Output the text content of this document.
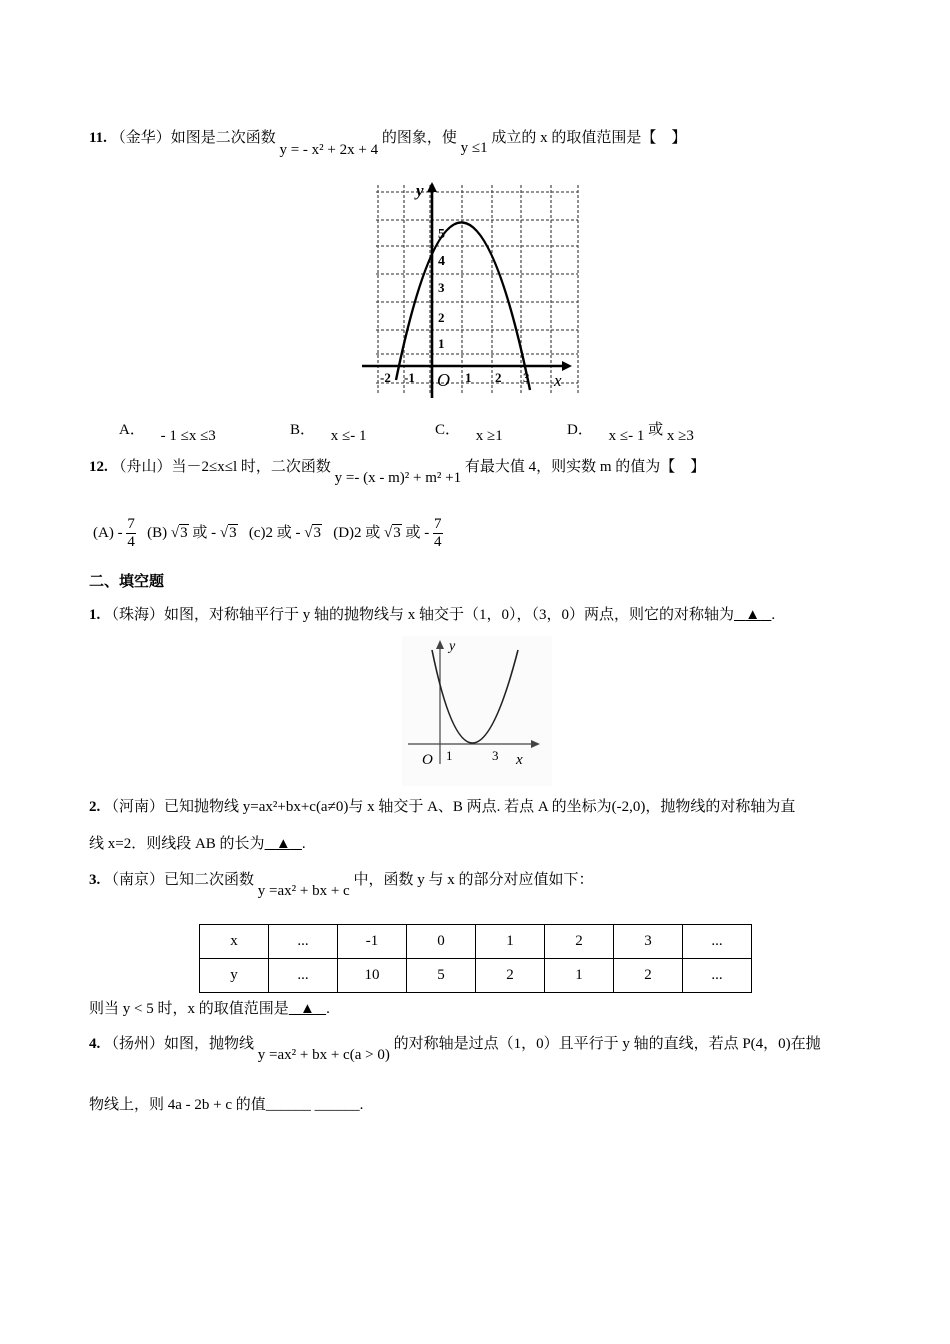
11. （金华）如图是二次函数 y = - x² + 2x + 4 的图象，使 y ≤1 成立的 x 的取值范围是【　】
y
x
O
-2 -1	1 2 3
1
2
3
4
5
A． - 1 ≤x ≤3	B． x ≤- 1	C． x ≥1	D． x ≤- 1 或 x ≥3
12. （舟山）当－2≤x≤l 时，二次函数 y =- (x - m)² + m² +1 有最大值 4，则实数 m 的值为【　】
$(A) - \frac{7}{4} (B)$ √3 或 - √3 (c)2 或 - √3 (D)2 或 √3 或 - $\frac{7}{4}$
二、填空题
1. （珠海）如图，对称轴平行于 y 轴的抛物线与 x 轴交于（1，0），（3，0）两点，则它的对称轴为 ▲ .
y
x
O 1	3
2. （河南）已知抛物线 y=ax²+bx+c(a≠0)与 x 轴交于 A、B 两点. 若点 A 的坐标为(-2,0)，抛物线的对称轴为直
线 x=2．则线段 AB 的长为 ▲ .
3. （南京）已知二次函数 y =ax² + bx + c 中，函数 y 与 x 的部分对应值如下：
x	...	-1	0	1	2	3	...
y	...	10	5	2	1	2	...
则当 y < 5 时，x 的取值范围是 ▲ .
4. （扬州）如图，抛物线 y =ax² + bx + c(a > 0) 的对称轴是过点（1，0）且平行于 y 轴的直线，若点 P(4，0)在抛
物线上，则 4a - 2b + c 的值______ ______.
